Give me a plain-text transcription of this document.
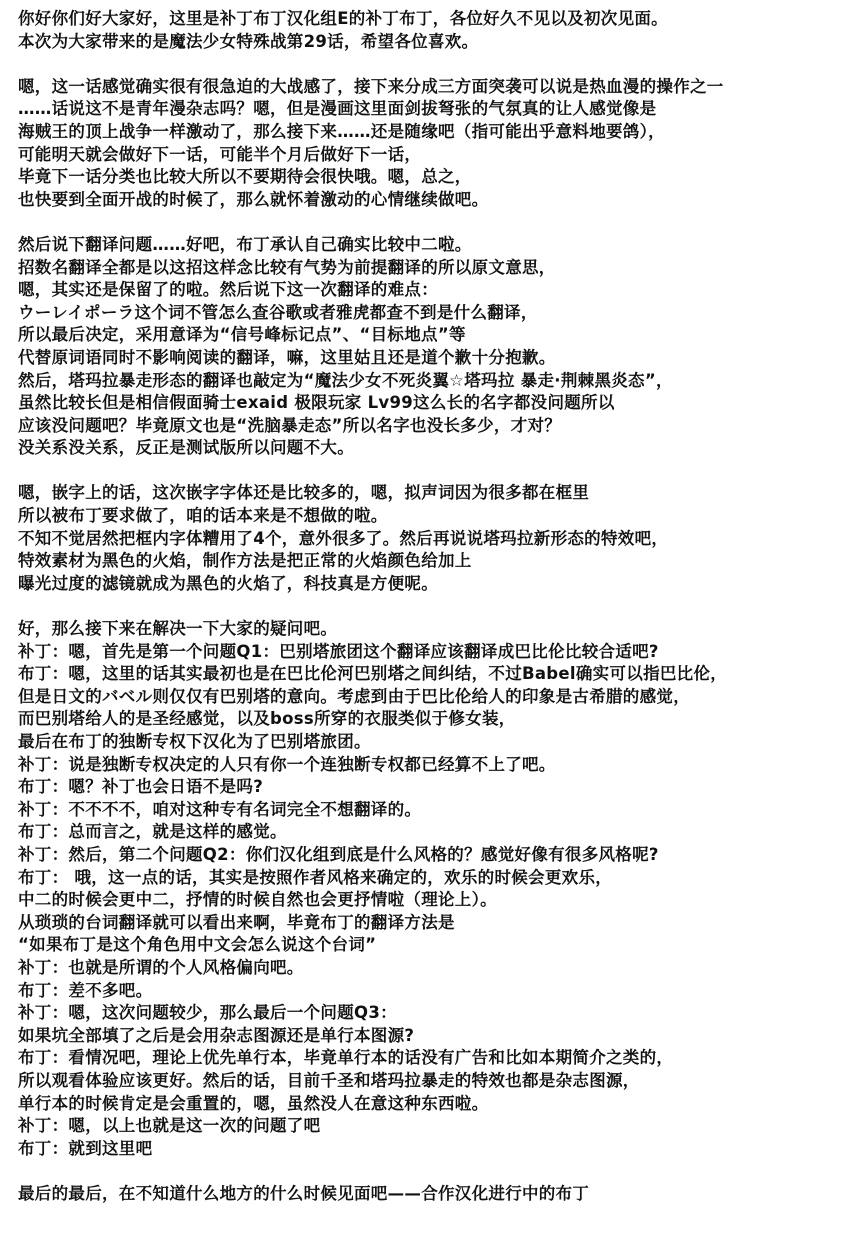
你好你们好大家好，这里是补丁布丁汉化组E的补丁布丁，各位好久不见以及初次见面。
本次为大家带来的是魔法少女特殊战第29话，希望各位喜欢。
嗯，这一话感觉确实很有很急迫的大战感了，接下来分成三方面突袭可以说是热血漫的操作之一
……话说这不是青年漫杂志吗？嗯，但是漫画这里面剑拔弩张的气氛真的让人感觉像是
海贼王的顶上战争一样激动了，那么接下来……还是随缘吧（指可能出乎意料地要鸽），
可能明天就会做好下一话，可能半个月后做好下一话，
毕竟下一话分类也比较大所以不要期待会很快哦。嗯，总之，
也快要到全面开战的时候了，那么就怀着激动的心情继续做吧。
然后说下翻译问题……好吧，布丁承认自己确实比较中二啦。
招数名翻译全都是以这招这样念比较有气势为前提翻译的所以原文意思，
嗯，其实还是保留了的啦。然后说下这一次翻译的难点：
ウーレイポーラ这个词不管怎么查谷歌或者雅虎都查不到是什么翻译，
所以最后决定，采用意译为“信号峰标记点”、“目标地点”等
代替原词语同时不影响阅读的翻译，嘛，这里姑且还是道个歉十分抱歉。
然后，塔玛拉暴走形态的翻译也敲定为“魔法少女不死炎翼☆塔玛拉 暴走·荆棘黑炎态”，
虽然比较长但是相信假面骑士exaid 极限玩家 Lv99这么长的名字都没问题所以
应该没问题吧？毕竟原文也是“洗脑暴走态”所以名字也没长多少，才对？
没关系没关系，反正是测试版所以问题不大。
嗯，嵌字上的话，这次嵌字字体还是比较多的，嗯，拟声词因为很多都在框里
所以被布丁要求做了，咱的话本来是不想做的啦。
不知不觉居然把框内字体糟用了4个，意外很多了。然后再说说塔玛拉新形态的特效吧，
特效素材为黑色的火焰，制作方法是把正常的火焰颜色给加上
曝光过度的滤镜就成为黑色的火焰了，科技真是方便呢。
好，那么接下来在解决一下大家的疑问吧。
补丁：嗯，首先是第一个问题Q1：巴别塔旅团这个翻译应该翻译成巴比伦比较合适吧?
布丁：嗯，这里的话其实最初也是在巴比伦河巴别塔之间纠结，不过Babel确实可以指巴比伦，
但是日文的バベル则仅仅有巴别塔的意向。考虑到由于巴比伦给人的印象是古希腊的感觉，
而巴别塔给人的是圣经感觉，以及boss所穿的衣服类似于修女装，
最后在布丁的独断专权下汉化为了巴别塔旅团。
补丁：说是独断专权决定的人只有你一个连独断专权都已经算不上了吧。
布丁：嗯？补丁也会日语不是吗?
补丁：不不不不，咱对这种专有名词完全不想翻译的。
布丁：总而言之，就是这样的感觉。
补丁：然后，第二个问题Q2：你们汉化组到底是什么风格的？感觉好像有很多风格呢?
布丁： 哦，这一点的话，其实是按照作者风格来确定的，欢乐的时候会更欢乐，
中二的时候会更中二，抒情的时候自然也会更抒情啦（理论上）。
从琐琐的台词翻译就可以看出来啊，毕竟布丁的翻译方法是
“如果布丁是这个角色用中文会怎么说这个台词”
补丁：也就是所谓的个人风格偏向吧。
布丁：差不多吧。
补丁：嗯，这次问题较少，那么最后一个问题Q3：
如果坑全部填了之后是会用杂志图源还是单行本图源?
布丁：看情况吧，理论上优先单行本，毕竟单行本的话没有广告和比如本期简介之类的，
所以观看体验应该更好。然后的话，目前千圣和塔玛拉暴走的特效也都是杂志图源，
单行本的时候肯定是会重置的，嗯，虽然没人在意这种东西啦。
补丁：嗯，以上也就是这一次的问题了吧
布丁：就到这里吧
最后的最后，在不知道什么地方的什么时候见面吧——合作汉化进行中的布丁
